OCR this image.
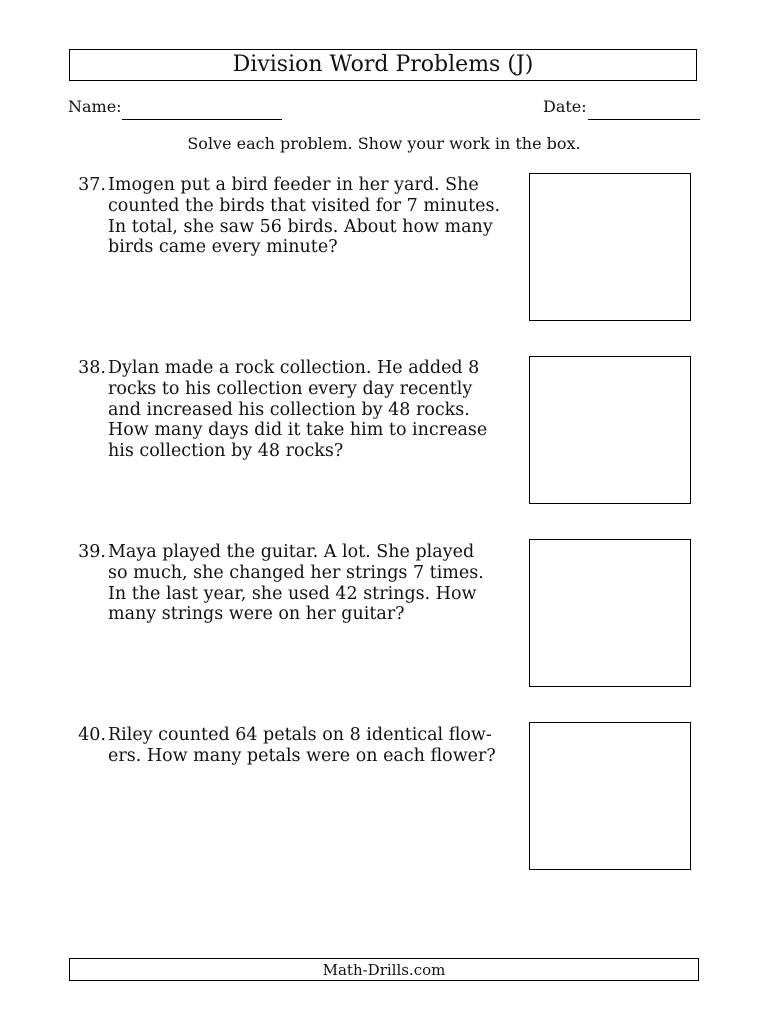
Division Word Problems (J)
Name:	Date:
Solve each problem. Show your work in the box.
37. Imogen put a bird feeder in her yard. She
counted the birds that visited for 7 minutes.
In total, she saw 56 birds. About how many
birds came every minute?
38. Dylan made a rock collection. He added 8
rocks to his collection every day recently
and increased his collection by 48 rocks.
How many days did it take him to increase
his collection by 48 rocks?
39. Maya played the guitar. A lot. She played
so much, she changed her strings 7 times.
In the last year, she used 42 strings. How
many strings were on her guitar?
40. Riley counted 64 petals on 8 identical flow-
ers. How many petals were on each flower?
Math-Drills.com
